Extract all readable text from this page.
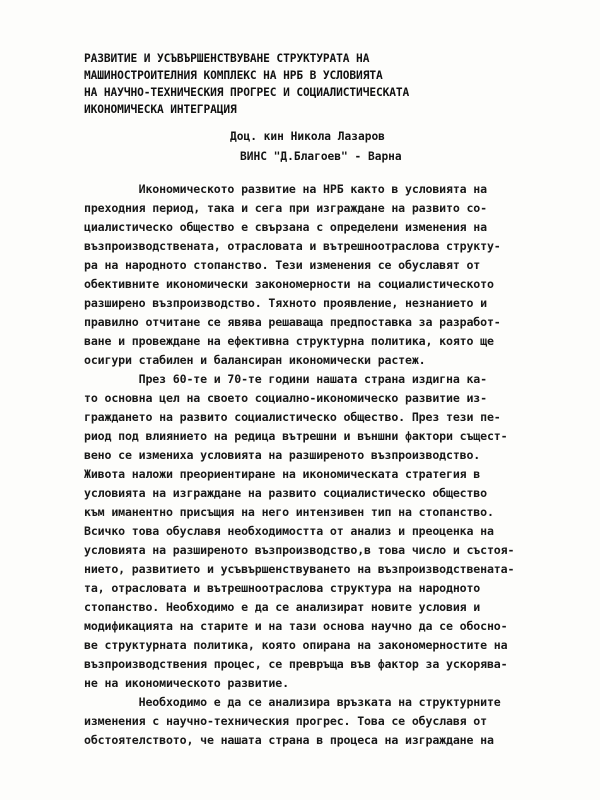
РАЗВИТИЕ И УСЪВЪРШЕНСТВУВАНЕ СТРУКТУРАТА НА
МАШИНОСТРОИТЕЛНИЯ КОМПЛЕКС НА НРБ В УСЛОВИЯТА
НА НАУЧНО-ТЕХНИЧЕСКИЯ ПРОГРЕС И СОЦИАЛИСТИЧЕСКАТА
ИКОНОМИЧЕСКА ИНТЕГРАЦИЯ
Доц. кин Никола Лазаров
ВИНС "Д.Благоев" - Варна
Икономическото развитие на НРБ както в условията на
преходния период, така и сега при изграждане на развито со-
циалистическо общество е свързана с определени изменения на
възпроизводствената, отрасловата и вътрешноотраслова структу-
ра на народното стопанство. Тези изменения се обуславят от
обективните икономически закономерности на социалистическото
разширено възпроизводство. Тяхното проявление, незнанието и
правилно отчитане се явява решаваща предпоставка за разработ-
ване и провеждане на ефективна структурна политика, която ще
осигури стабилен и балансиран икономически растеж.
През 60-те и 70-те години нашата страна издигна ка-
то основна цел на своето социално-икономическо развитие из-
граждането на развито социалистическо общество. През тези пе-
риод под влиянието на редица вътрешни и външни фактори същест-
вено се измениха условията на разширеното възпроизводство.
Живота наложи преориентиране на икономическата стратегия в
условията на изграждане на развито социалистическо общество
към иманентно присъщия на него интензивен тип на стопанство.
Всичко това обуславя необходимостта от анализ и преоценка на
условията на разширеното възпроизводство,в това число и състоя-
нието, развитието и усъвършенствуването на възпроизводствената-
та, отрасловата и вътрешноотраслова структура на народното
стопанство. Необходимо е да се анализират новите условия и
модификацията на старите и на тази основа научно да се обосно-
ве структурната политика, която опирана на закономерностите на
възпроизводствения процес, се превръща във фактор за ускорява-
не на икономическото развитие.
Необходимо е да се анализира връзката на структурните
изменения с научно-техническия прогрес. Това се обуславя от
обстоятелството, че нашата страна в процеса на изграждане на
